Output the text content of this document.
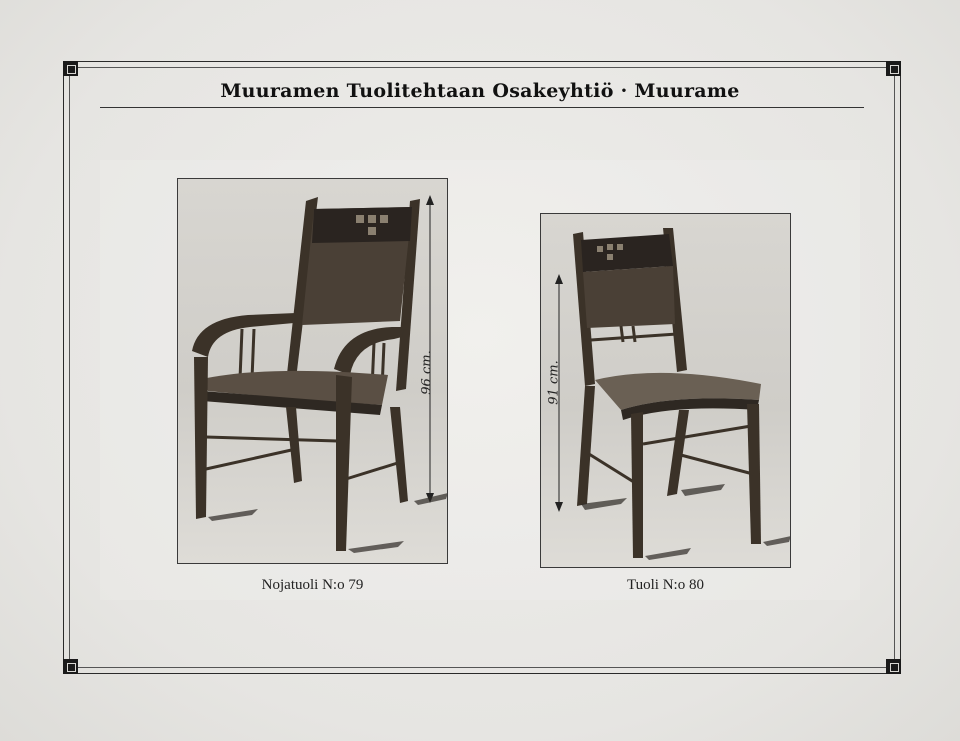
Muuramen Tuolitehtaan Osakeyhtiö · Muurame
96 cm.	91 cm.
Nojatuoli N:o 79	Tuoli N:o 80
